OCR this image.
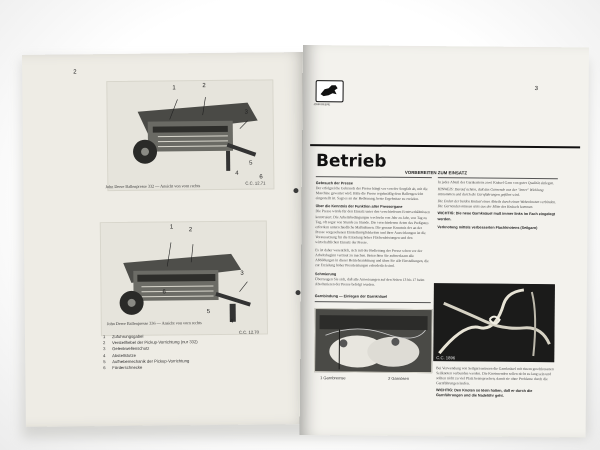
2
1	2
3
4
5
6
John Deere Ballenpresse 332 — Ansicht von vorn rechts
C.C. 12.71
1	2
3
4
5
6
John Deere Ballenpresse 336 — Ansicht von vorn rechts
C.C. 12.70
1 Zufuhrungsgabel
2 Verstellhebel der Pickup-Vorrichtung (nur 332)
3 Gelenkwellenschutz
4 Abstellstutze
5 Aufhebemechanik der Pickup-Vorrichtung
6 Förderschnecke
3
JOHN DEERE
Betrieb
VORBEREITEN ZUM EINSATZ

Gebrauch der Presse

Der erfolgreiche Gebrauch der Presse hängt vor von der Sorgfalt ab, mit die Maschine gewartet wird. Bitte die Presse regelmäßig dem Ballengewicht eingestellt ist. Sagt es an der Bedienung, beste Ergebnisse zu erzielen.

Über die Kenntnis der Funktion aller Pressorgane

Die Presse würde für den Einsatz unter den verschiedenen Ernteverhältnissen konstruiert. Die Arbeitsbedingungen wechseln von Jahr zu Jahr, von Tag zu Tag, oft sogar von Stunde zu Stunde. Die verschiedenen Arten des Preßgutes erfordern unterschiedliche Maßnahmen. Die genaue Kenntnis der an der Presse vorgesehenen Einstellmöglichkeiten und ihrer Auswirkungen ist die Voraussetzung für die Erzielung hoher Flächenleistungen und den wirtschaftlichen Einsatz der Presse.

Es ist daher wesentlich, sich mit der Bedienung der Presse schon vor der Arbeitsbeginn vertraut zu machen. Betrachten Sie aufmerksam alle Abbildungen in dieser Betriebsanleitung und üben Sie alle Einstellungen, die zur Erzielung hoher Pressleistungen erforderlich sind.

Schmierung

Überzeugen Sie sich, daß alle Anweisungen auf den Seiten 13 bis 17 beim Abschmieren der Presse befolgt wurden.

Garnbindung — Einlegen der Garnknäuel

1 Garnbremse	2 Garnösen

In jedes Abteil des Garnkastens zwei Knäuel Garn von guter Qualität einlegen.

HINWEIS: Darauf achten, daß das Garnende aus der "inner" Wicklung entnommen und durch die Garnführungen geführt wird.

Die Enden der beiden Knäuel eines Abteils durch einen Weberknoten verbinden. Die Garnenden müssen stets aus der Mitte des Knäuels kommen.

WICHTIG: Die neue Garnknäuel muß immer links im Fach eingelegt werden.

Verknotung mittels verbesserten Flachknotens (Seilgarn)

C.C. 1896

Bei Verwendung von Seilgarn müssen die Garnknäuel mit einem geschlossenen Seilknoten verbunden werden. Die Knotenenden sollen nicht zu lang sein und sollten nicht zu viel Platz beanspruchen, damit sie ohne Probleme durch die Garnführungen laufen.

WICHTIG: Den Knoten so klein halten, daß er durch die Garnführungen und die Nadelöhr geht.
